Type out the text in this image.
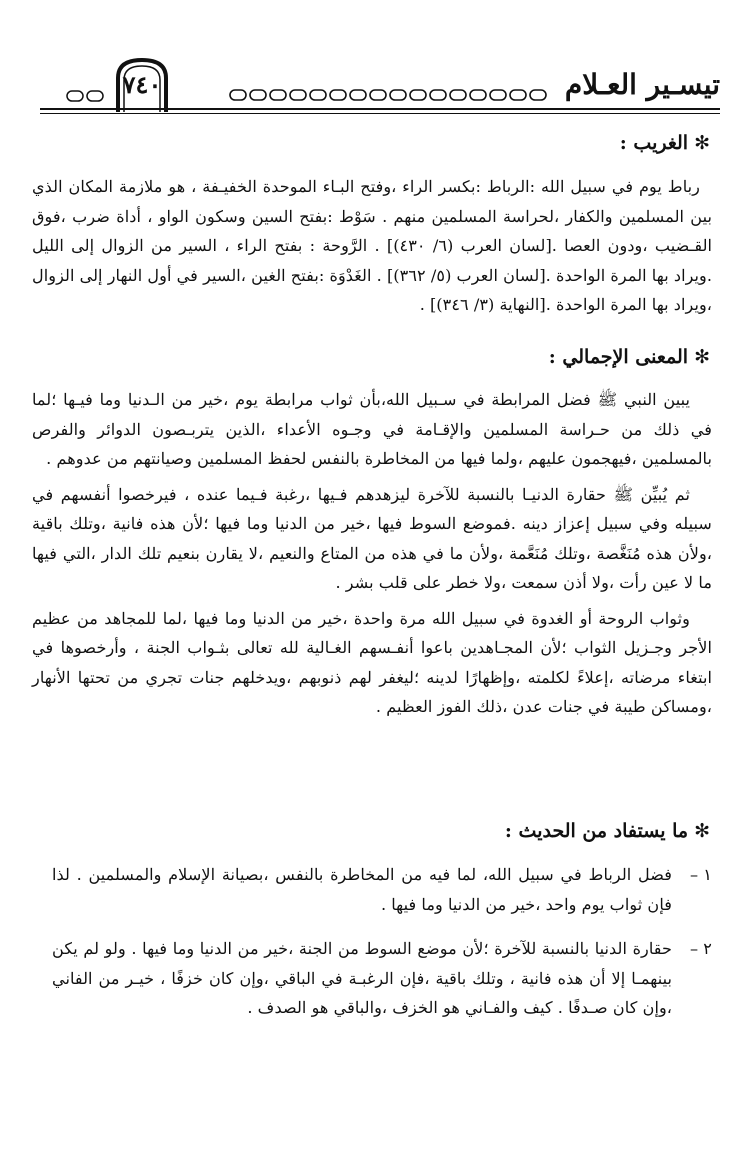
تيسـير العـلام
٧٤٠
✻الغريب :

رباط يوم في سبيل الله :الرباط :بكسر الراء ،وفتح البـاء الموحدة الخفيـفة ، هو ملازمة المكان الذي بين المسلمين والكفار ،لحراسة المسلمين منهم . سَوْط :بفتح السين وسكون الواو ، أداة ضرب ،فوق القـضيب ،ودون العصا .[لسان العرب (٦/ ٤٣٠)] . الرَّوحة : بفتح الراء ، السير من الزوال إلى الليل .ويراد بها المرة الواحدة .[لسان العرب (٥/ ٣٦٢)] . الغَدْوَة :بفتح الغين ،السير في أول النهار إلى الزوال ،ويراد بها المرة الواحدة .[النهاية (٣/ ٣٤٦)] .

✻المعنى الإجمالي :

يبين النبي ﷺ فضل المرابطة في سـبيل الله،بأن ثواب مرابطة يوم ،خير من الـدنيا وما فيـها ؛لما في ذلك من حـراسة المسلمين والإقـامة في وجـوه الأعداء ،الذين يتربـصون الدوائر والفرص بالمسلمين ،فيهجمون عليهم ،ولما فيها من المخاطرة بالنفس لحفظ المسلمين وصيانتهم من عدوهم .

ثم يُبيِّن ﷺ حقارة الدنيـا بالنسبة للآخرة ليزهدهم فـيها ،رغبة فـيما عنده ، فيرخصوا أنفسهم في سبيله وفي سبيل إعزاز دينه .فموضع السوط فيها ،خير من الدنيا وما فيها ؛لأن هذه فانية ،وتلك باقية ،ولأن هذه مُنَغَّصة ،وتلك مُنَعَّمة ،ولأن ما في هذه من المتاع والنعيم ،لا يقارن بنعيم تلك الدار ،التي فيها ما لا عين رأت ،ولا أذن سمعت ،ولا خطر على قلب بشر .

وثواب الروحة أو الغدوة في سبيل الله مرة واحدة ،خير من الدنيا وما فيها ،لما للمجاهد من عظيم الأجر وجـزيل الثواب ؛لأن المجـاهدين باعوا أنفـسهم الغـالية لله تعالى بثـواب الجنة ، وأرخصوها في ابتغاء مرضاته ،إعلاءً لكلمته ،وإظهارًا لدينه ؛ليغفر لهم ذنوبهم ،ويدخلهم جنات تجري من تحتها الأنهار ،ومساكن طيبة في جنات عدن ،ذلك الفوز العظيم .

✻ما يستفاد من الحديث :
١ –
فضل الرباط في سبيل الله، لما فيه من المخاطرة بالنفس ،بصيانة الإسلام والمسلمين . لذا فإن ثواب يوم واحد ،خير من الدنيا وما فيها .
٢ –
حقارة الدنيا بالنسبة للآخرة ؛لأن موضع السوط من الجنة ،خير من الدنيا وما فيها . ولو لم يكن بينهمـا إلا أن هذه فانية ، وتلك باقية ،فإن الرغبـة في الباقي ،وإن كان خزفًا ، خيـر من الفاني ،وإن كان صـدفًا . كيف والفـاني هو الخزف ،والباقي هو الصدف .
